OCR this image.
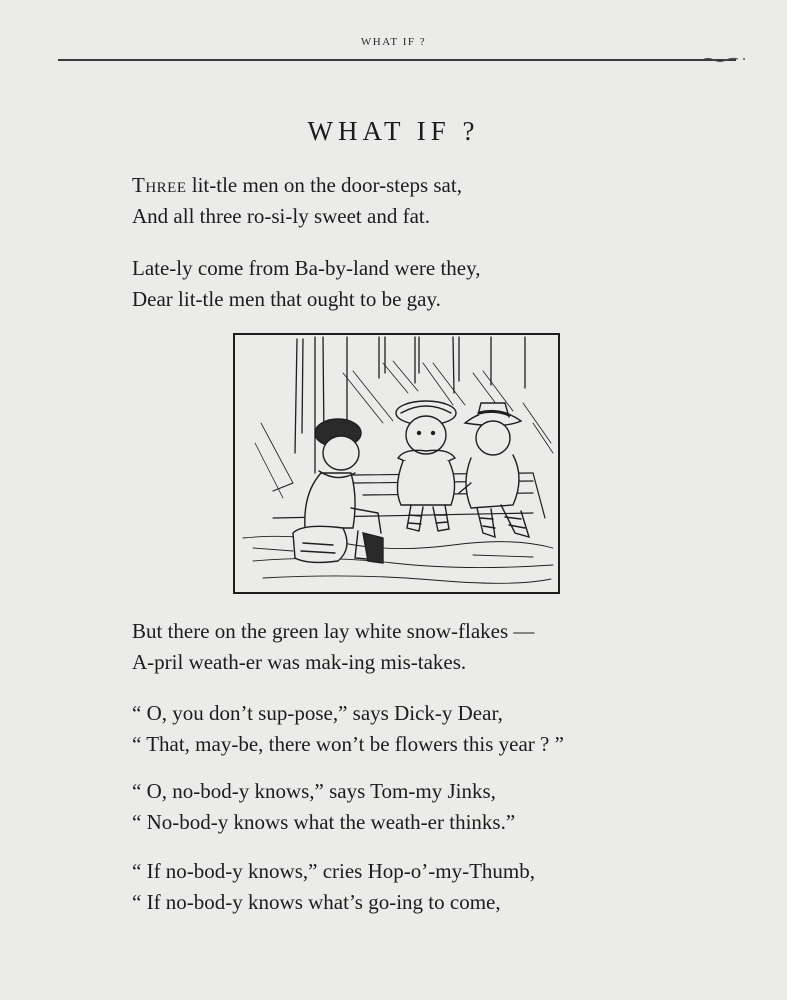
WHAT IF ?
WHAT IF ?

Three lit-tle men on the door-steps sat,

And all three ro-si-ly sweet and fat.

Late-ly come from Ba-by-land were they,

Dear lit-tle men that ought to be gay.

But there on the green lay white snow-flakes —

A-pril weath-er was mak-ing mis-takes.

“ O, you don’t sup-pose,” says Dick-y Dear,

“ That, may-be, there won’t be flowers this year ? ”

“ O, no-bod-y knows,” says Tom-my Jinks,

“ No-bod-y knows what the weath-er thinks.”

“ If no-bod-y knows,” cries Hop-o’-my-Thumb,

“ If no-bod-y knows what’s go-ing to come,
